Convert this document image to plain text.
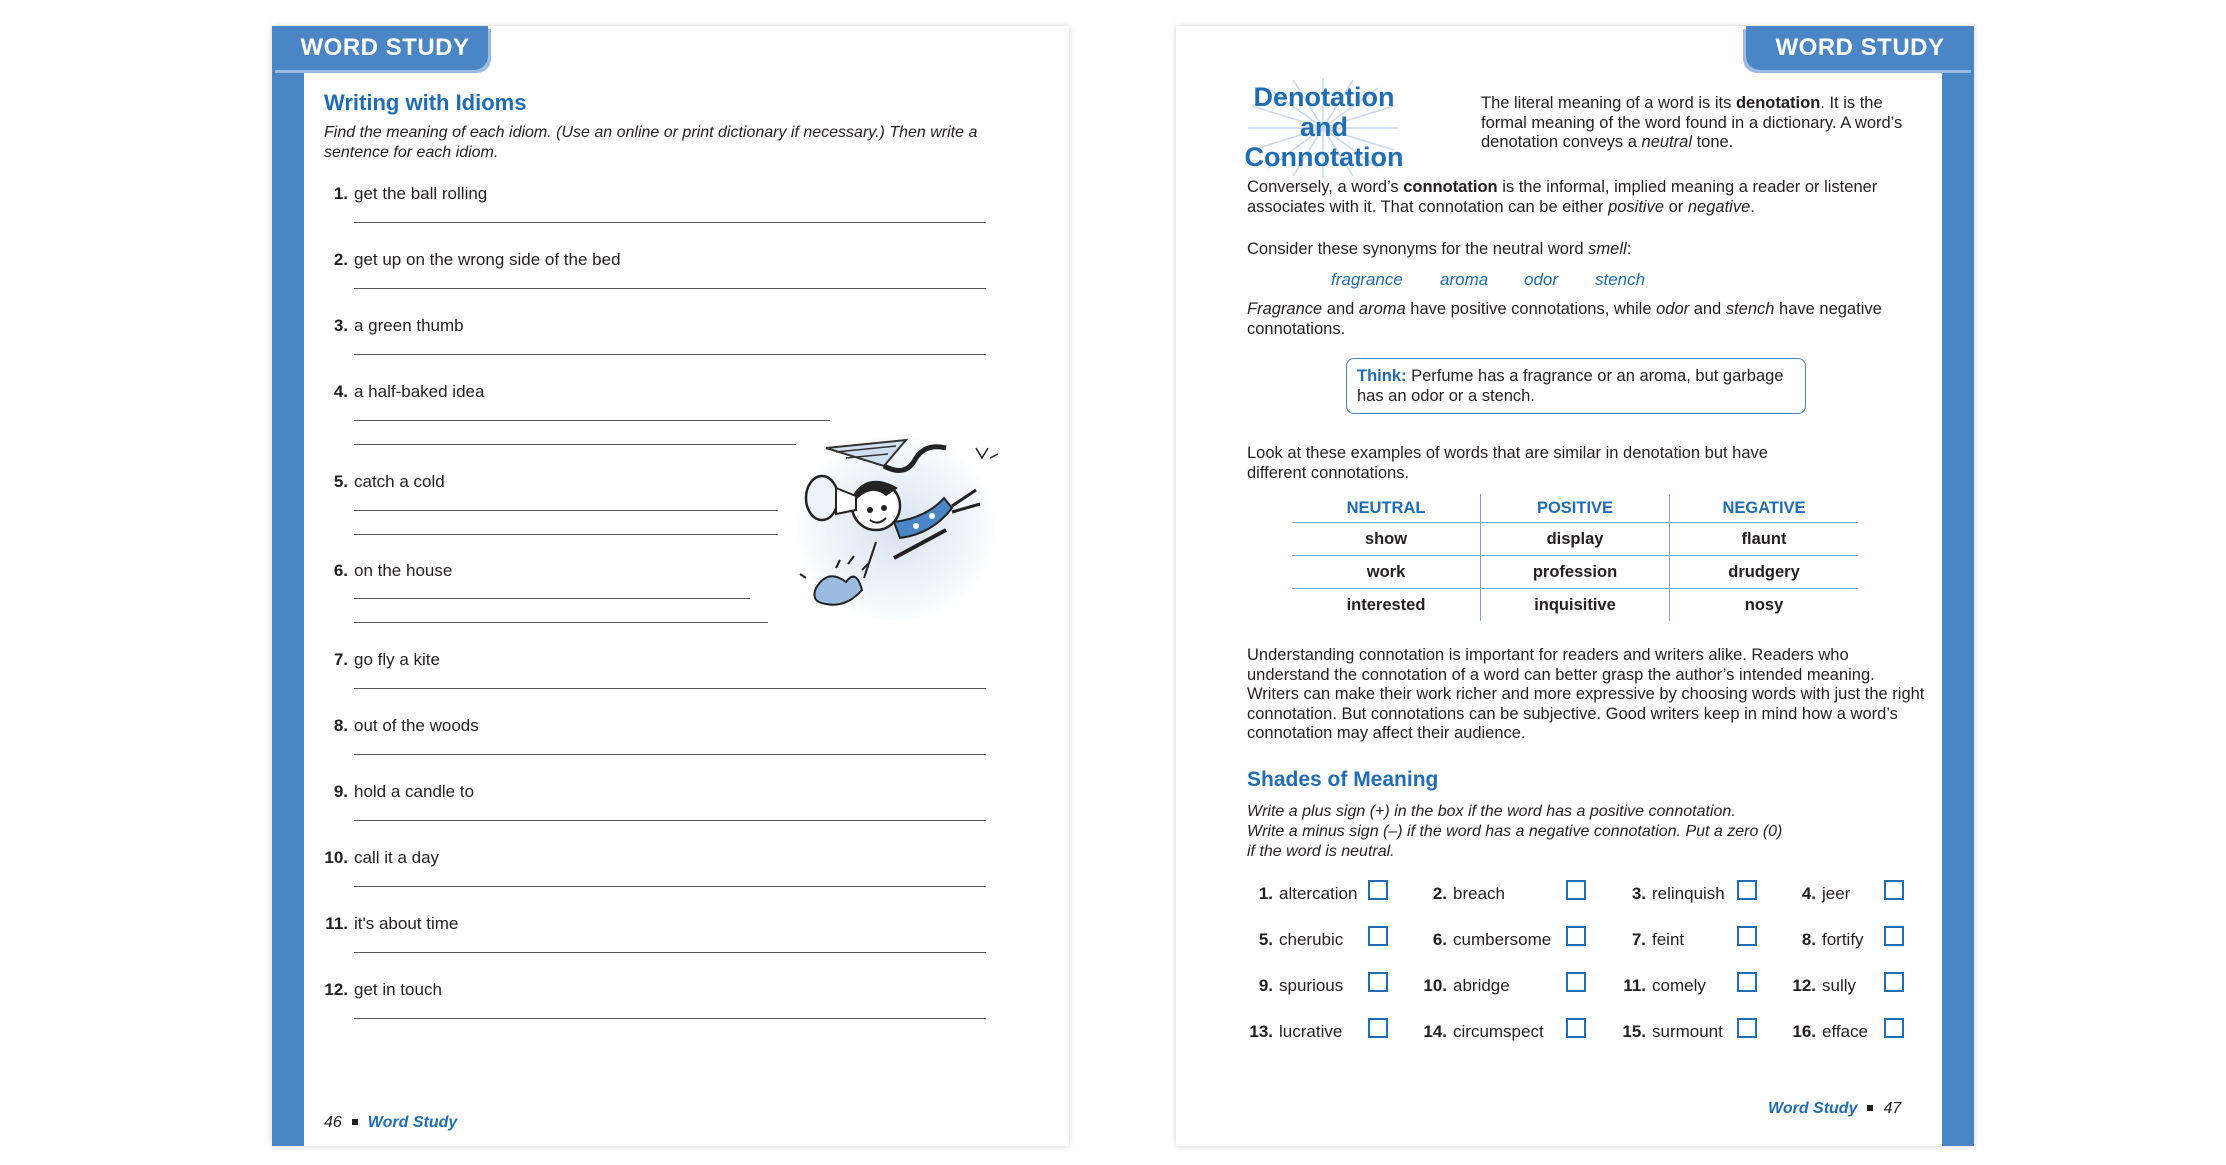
WORD STUDY
Writing with Idioms
Find the meaning of each idiom. (Use an online or print dictionary if necessary.) Then write a sentence for each idiom.
1. get the ball rolling
2. get up on the wrong side of the bed
3. a green thumb
4. a half-baked idea
5. catch a cold
6. on the house
7. go fly a kite
8. out of the woods
9. hold a candle to
10. call it a day
11. it's about time
12. get in touch
46 Word Study
WORD STUDY
Denotation
and Connotation
The literal meaning of a word is its denotation. It is the formal meaning of the word found in a dictionary. A word’s denotation conveys a neutral tone.
Conversely, a word’s connotation is the informal, implied meaning a reader or listener associates with it. That connotation can be either positive or negative.
Consider these synonyms for the neutral word smell:
fragrance aroma odor stench
Fragrance and aroma have positive connotations, while odor and stench have negative connotations.
Think: Perfume has a fragrance or an aroma, but garbage has an odor or a stench.
Look at these examples of words that are similar in denotation but have different connotations.
NEUTRAL	POSITIVE	NEGATIVE
show	display	flaunt
work	profession	drudgery
interested	inquisitive	nosy
Understanding connotation is important for readers and writers alike. Readers who understand the connotation of a word can better grasp the author’s intended meaning. Writers can make their work richer and more expressive by choosing words with just the right connotation. But connotations can be subjective. Good writers keep in mind how a word’s connotation may affect their audience.
Shades of Meaning
Write a plus sign (+) in the box if the word has a positive connotation.
Write a minus sign (–) if the word has a negative connotation. Put a zero (0)
if the word is neutral.
1. altercation	2. breach	3. relinquish	4. jeer
5. cherubic	6. cumbersome	7. feint	8. fortify
9. spurious	10. abridge	11. comely	12. sully
13. lucrative	14. circumspect	15. surmount	16. efface
Word Study 47
